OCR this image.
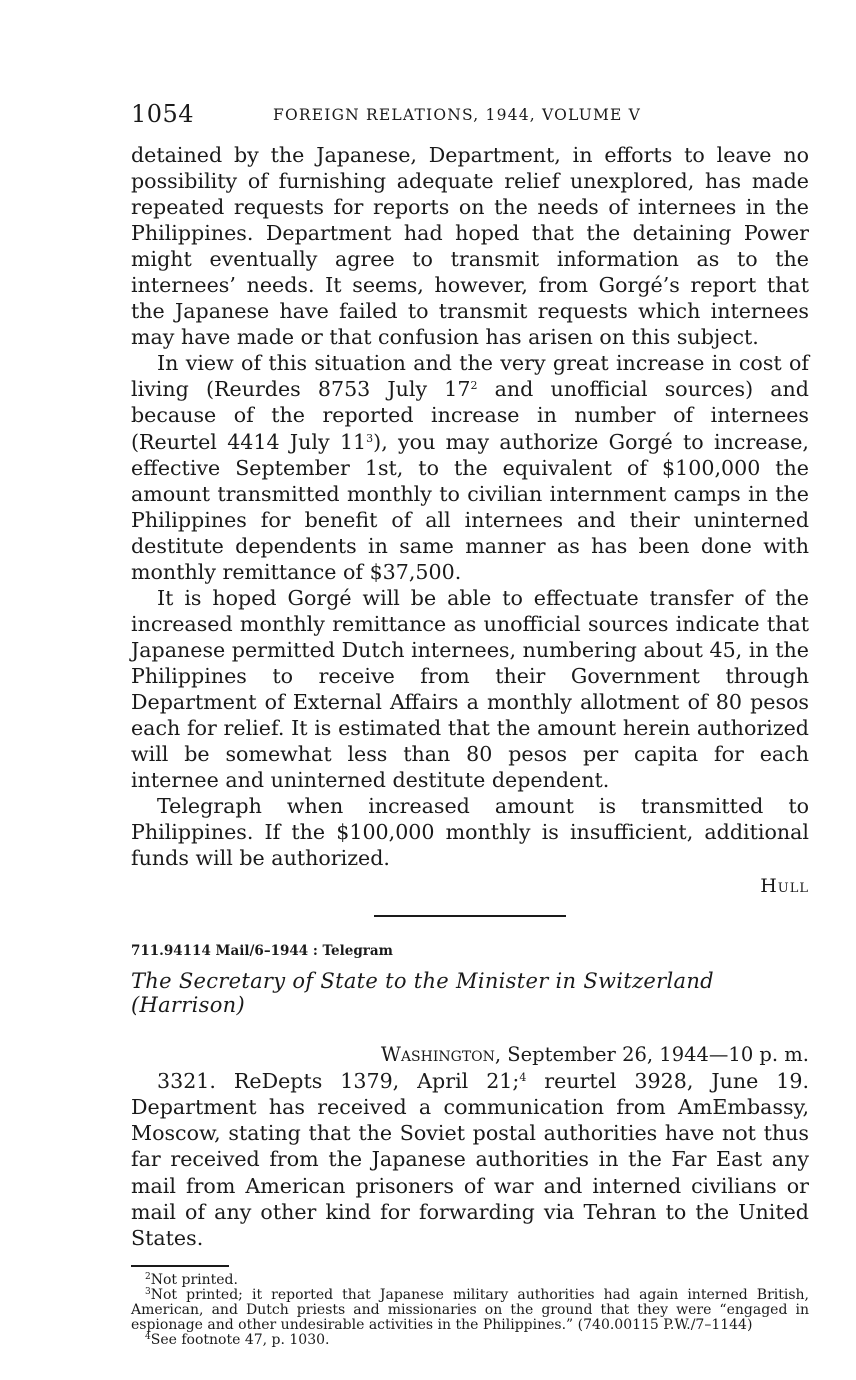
1054	FOREIGN RELATIONS, 1944, VOLUME V

detained by the Japanese, Department, in efforts to leave no possibility of furnishing adequate relief unexplored, has made repeated requests for reports on the needs of internees in the Philippines. Department had hoped that the detaining Power might eventually agree to transmit information as to the internees’ needs. It seems, however, from Gorgé’s report that the Japanese have failed to transmit requests which internees may have made or that confusion has arisen on this subject.

In view of this situation and the very great increase in cost of living (Reurdes 8753 July $17^2$ and unofficial sources) and because of the reported increase in number of internees (Reurtel 4414 July $11^3$), you may authorize Gorgé to increase, effective September 1st, to the equivalent of $100,000 the amount transmitted monthly to civilian internment camps in the Philippines for benefit of all internees and their uninterned destitute dependents in same manner as has been done with monthly remittance of $37,500.

It is hoped Gorgé will be able to effectuate transfer of the increased monthly remittance as unofficial sources indicate that Japanese permitted Dutch internees, numbering about 45, in the Philippines to receive from their Government through Department of External Affairs a monthly allotment of 80 pesos each for relief. It is estimated that the amount herein authorized will be somewhat less than 80 pesos per capita for each internee and uninterned destitute dependent.

Telegraph when increased amount is transmitted to Philippines. If the $100,000 monthly is insufficient, additional funds will be authorized.

Hull
711.94114 Mail/6–1944 : Telegram
The Secretary of State to the Minister in Switzerland (Harrison)
Washington, September 26, 1944—10 p. m.

3321. ReDepts 1379, April 21;$^4$ reurtel 3928, June 19. Department has received a communication from AmEmbassy, Moscow, stating that the Soviet postal authorities have not thus far received from the Japanese authorities in the Far East any mail from American prisoners of war and interned civilians or mail of any other kind for forwarding via Tehran to the United States.

$^2$Not printed.

$^3$Not printed; it reported that Japanese military authorities had again interned British, American, and Dutch priests and missionaries on the ground that they were “engaged in espionage and other undesirable activities in the Philippines.” (740.00115 P.W./7–1144)

$^4$See footnote 47, p. 1030.
